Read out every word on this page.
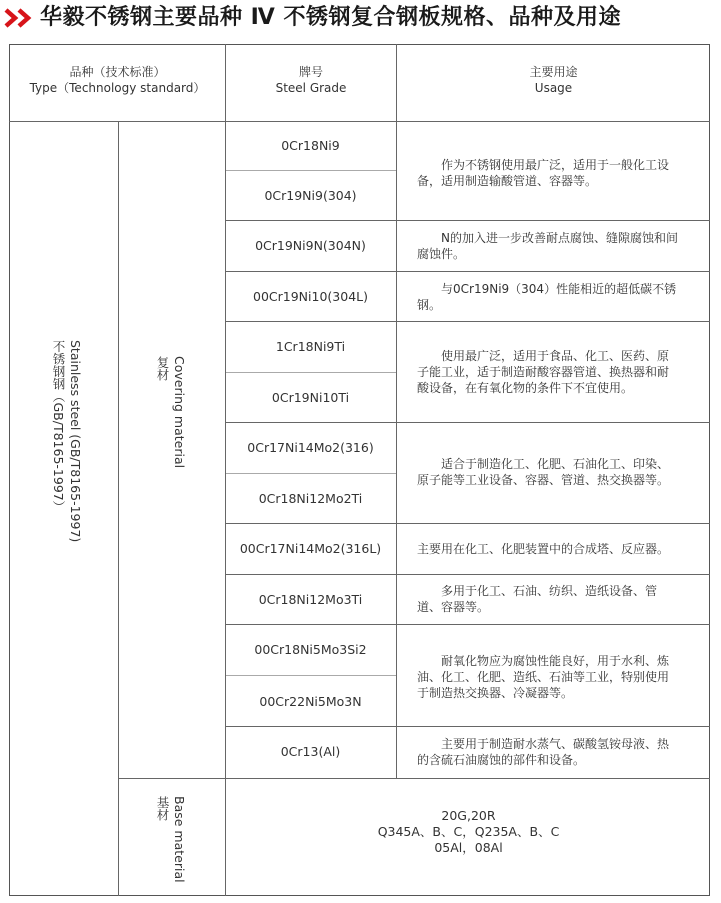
华毅不锈钢主要品种 Ⅳ 不锈钢复合钢板规格、品种及用途
品种（技术标准）
Type（Technology standard）
牌号
Steel Grade
主要用途
Usage
Stainless steel (GB/T8165-1997)
不锈钢钢（GB/T8165-1997）	Covering material
复材
Base material
基材
0Cr18Ni9
0Cr19Ni9(304)
0Cr19Ni9N(304N)
00Cr19Ni10(304L)
1Cr18Ni9Ti
0Cr19Ni10Ti
0Cr17Ni14Mo2(316)
0Cr18Ni12Mo2Ti
00Cr17Ni14Mo2(316L)
0Cr18Ni12Mo3Ti
00Cr18Ni5Mo3Si2
00Cr22Ni5Mo3N
0Cr13(Al)
作为不锈钢使用最广泛，适用于一般化工设备，适用制造输酸管道、容器等。
N的加入进一步改善耐点腐蚀、缝隙腐蚀和间腐蚀件。
与0Cr19Ni9（304）性能相近的超低碳不锈钢。
使用最广泛，适用于食品、化工、医药、原子能工业，适于制造耐酸容器管道、换热器和耐酸设备，在有氧化物的条件下不宜使用。
适合于制造化工、化肥、石油化工、印染、原子能等工业设备、容器、管道、热交换器等。
主要用在化工、化肥装置中的合成塔、反应器。
多用于化工、石油、纺织、造纸设备、管道、容器等。
耐氧化物应为腐蚀性能良好，用于水利、炼油、化工、化肥、造纸、石油等工业，特别使用于制造热交换器、冷凝器等。
主要用于制造耐水蒸气、碳酸氢铵母液、热的含硫石油腐蚀的部件和设备。
20G,20R
Q345A、B、C，Q235A、B、C
05Al，08Al
